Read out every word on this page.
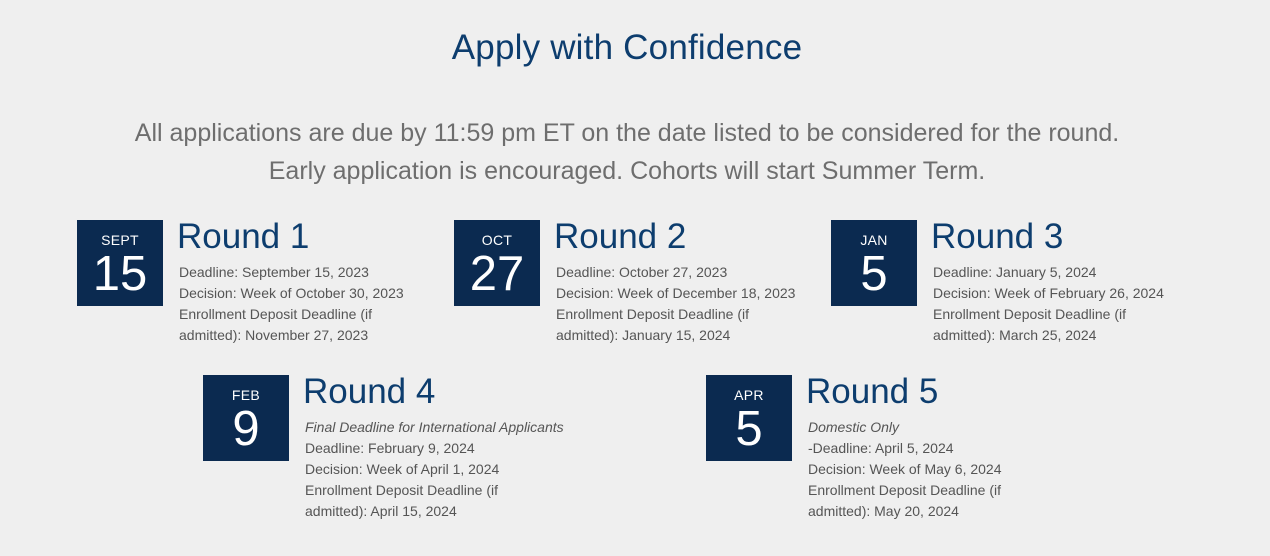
Apply with Confidence
All applications are due by 11:59 pm ET on the date listed to be considered for the round.
Early application is encouraged. Cohorts will start Summer Term.
SEPT
15
Round 1
Deadline: September 15, 2023
Decision: Week of October 30, 2023
Enrollment Deposit Deadline (if admitted): November 27, 2023
OCT
27
Round 2
Deadline: October 27, 2023
Decision: Week of December 18, 2023
Enrollment Deposit Deadline (if admitted): January 15, 2024
JAN
5
Round 3
Deadline: January 5, 2024
Decision: Week of February 26, 2024
Enrollment Deposit Deadline (if admitted): March 25, 2024
FEB
9
Round 4
Final Deadline for International Applicants
Deadline: February 9, 2024
Decision: Week of April 1, 2024
Enrollment Deposit Deadline (if admitted): April 15, 2024
APR
5
Round 5
Domestic Only
-Deadline: April 5, 2024
Decision: Week of May 6, 2024
Enrollment Deposit Deadline (if admitted): May 20, 2024
